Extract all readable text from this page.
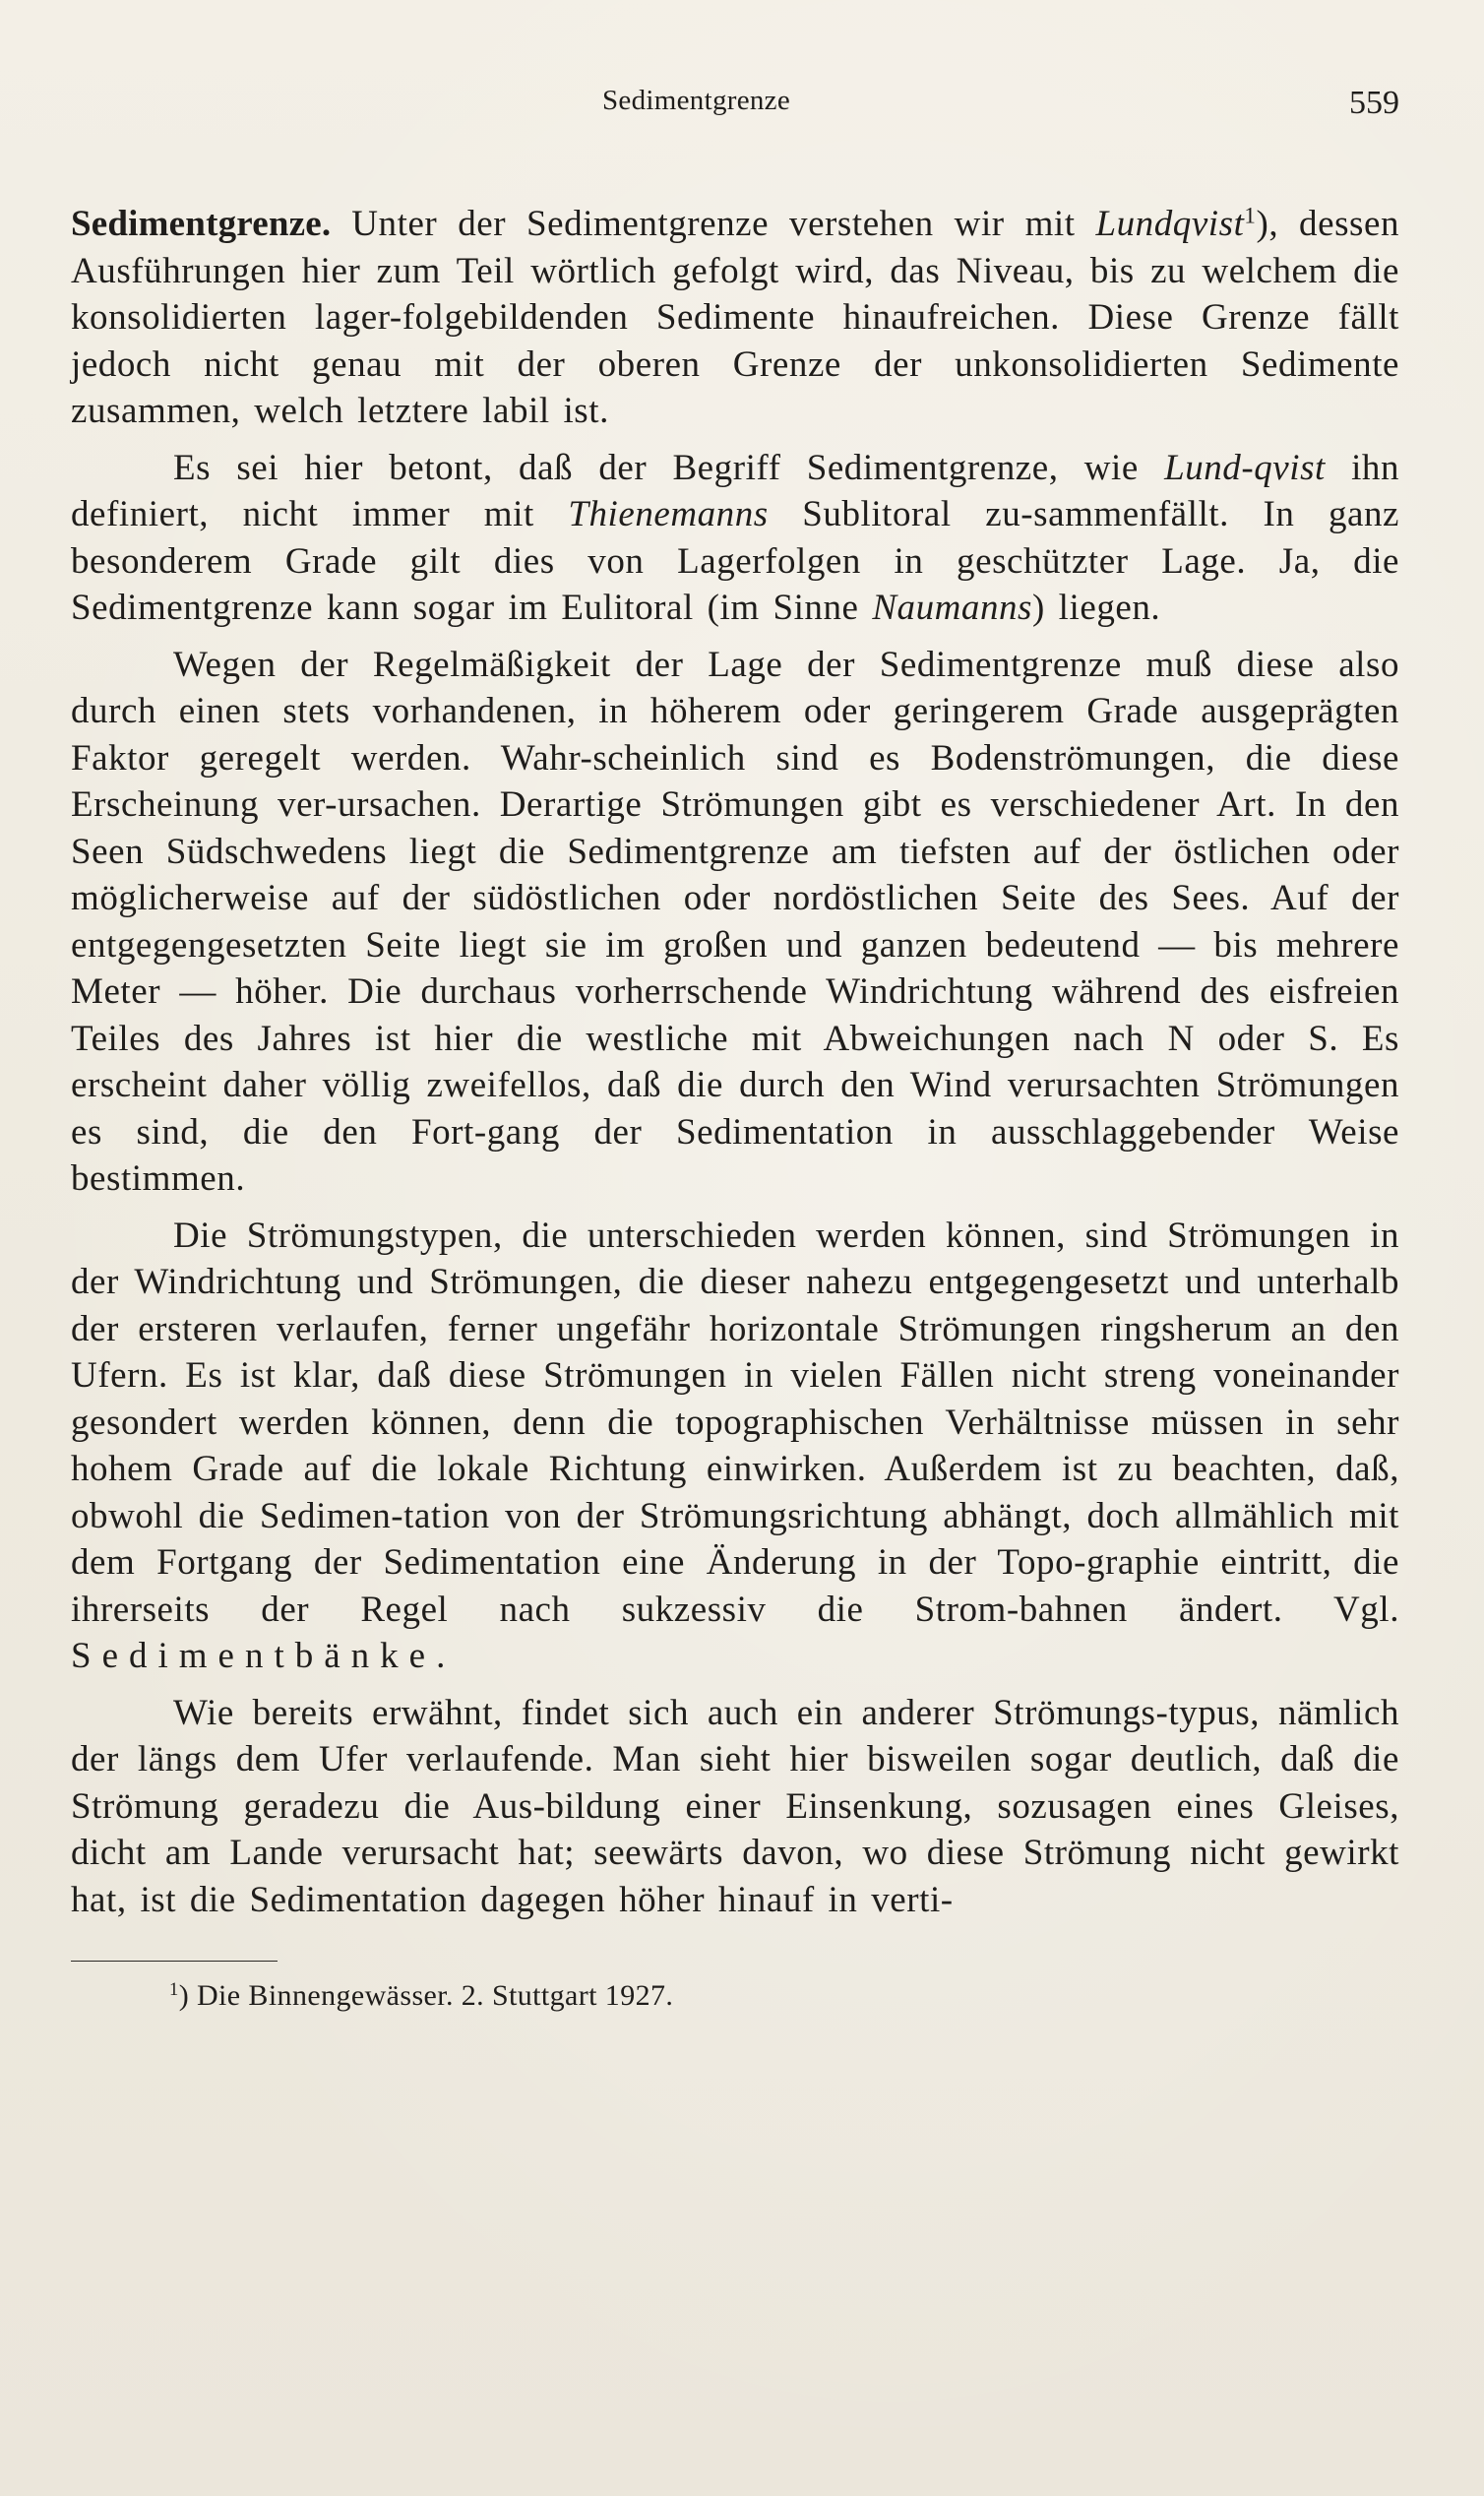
Sedimentgrenze	559

Sedimentgrenze. Unter der Sedimentgrenze verstehen wir mit Lundqvist$^1$), dessen Ausführungen hier zum Teil wörtlich gefolgt wird, das Niveau, bis zu welchem die konsolidierten lager-folgebildenden Sedimente hinaufreichen. Diese Grenze fällt jedoch nicht genau mit der oberen Grenze der unkonsolidierten Sedimente zusammen, welch letztere labil ist.

Es sei hier betont, daß der Begriff Sedimentgrenze, wie Lund-qvist ihn definiert, nicht immer mit Thienemanns Sublitoral zu-sammenfällt. In ganz besonderem Grade gilt dies von Lagerfolgen in geschützter Lage. Ja, die Sedimentgrenze kann sogar im Eulitoral (im Sinne Naumanns) liegen.

Wegen der Regelmäßigkeit der Lage der Sedimentgrenze muß diese also durch einen stets vorhandenen, in höherem oder geringerem Grade ausgeprägten Faktor geregelt werden. Wahr-scheinlich sind es Bodenströmungen, die diese Erscheinung ver-ursachen. Derartige Strömungen gibt es verschiedener Art. In den Seen Südschwedens liegt die Sedimentgrenze am tiefsten auf der östlichen oder möglicherweise auf der südöstlichen oder nordöstlichen Seite des Sees. Auf der entgegengesetzten Seite liegt sie im großen und ganzen bedeutend — bis mehrere Meter — höher. Die durchaus vorherrschende Windrichtung während des eisfreien Teiles des Jahres ist hier die westliche mit Abweichungen nach N oder S. Es erscheint daher völlig zweifellos, daß die durch den Wind verursachten Strömungen es sind, die den Fort-gang der Sedimentation in ausschlaggebender Weise bestimmen.

Die Strömungstypen, die unterschieden werden können, sind Strömungen in der Windrichtung und Strömungen, die dieser nahezu entgegengesetzt und unterhalb der ersteren verlaufen, ferner ungefähr horizontale Strömungen ringsherum an den Ufern. Es ist klar, daß diese Strömungen in vielen Fällen nicht streng voneinander gesondert werden können, denn die topographischen Verhältnisse müssen in sehr hohem Grade auf die lokale Richtung einwirken. Außerdem ist zu beachten, daß, obwohl die Sedimen-tation von der Strömungsrichtung abhängt, doch allmählich mit dem Fortgang der Sedimentation eine Änderung in der Topo-graphie eintritt, die ihrerseits der Regel nach sukzessiv die Strom-bahnen ändert. Vgl. Sedimentbänke.

Wie bereits erwähnt, findet sich auch ein anderer Strömungs-typus, nämlich der längs dem Ufer verlaufende. Man sieht hier bisweilen sogar deutlich, daß die Strömung geradezu die Aus-bildung einer Einsenkung, sozusagen eines Gleises, dicht am Lande verursacht hat; seewärts davon, wo diese Strömung nicht gewirkt hat, ist die Sedimentation dagegen höher hinauf in verti-

$^1$) Die Binnengewässer. 2. Stuttgart 1927.
